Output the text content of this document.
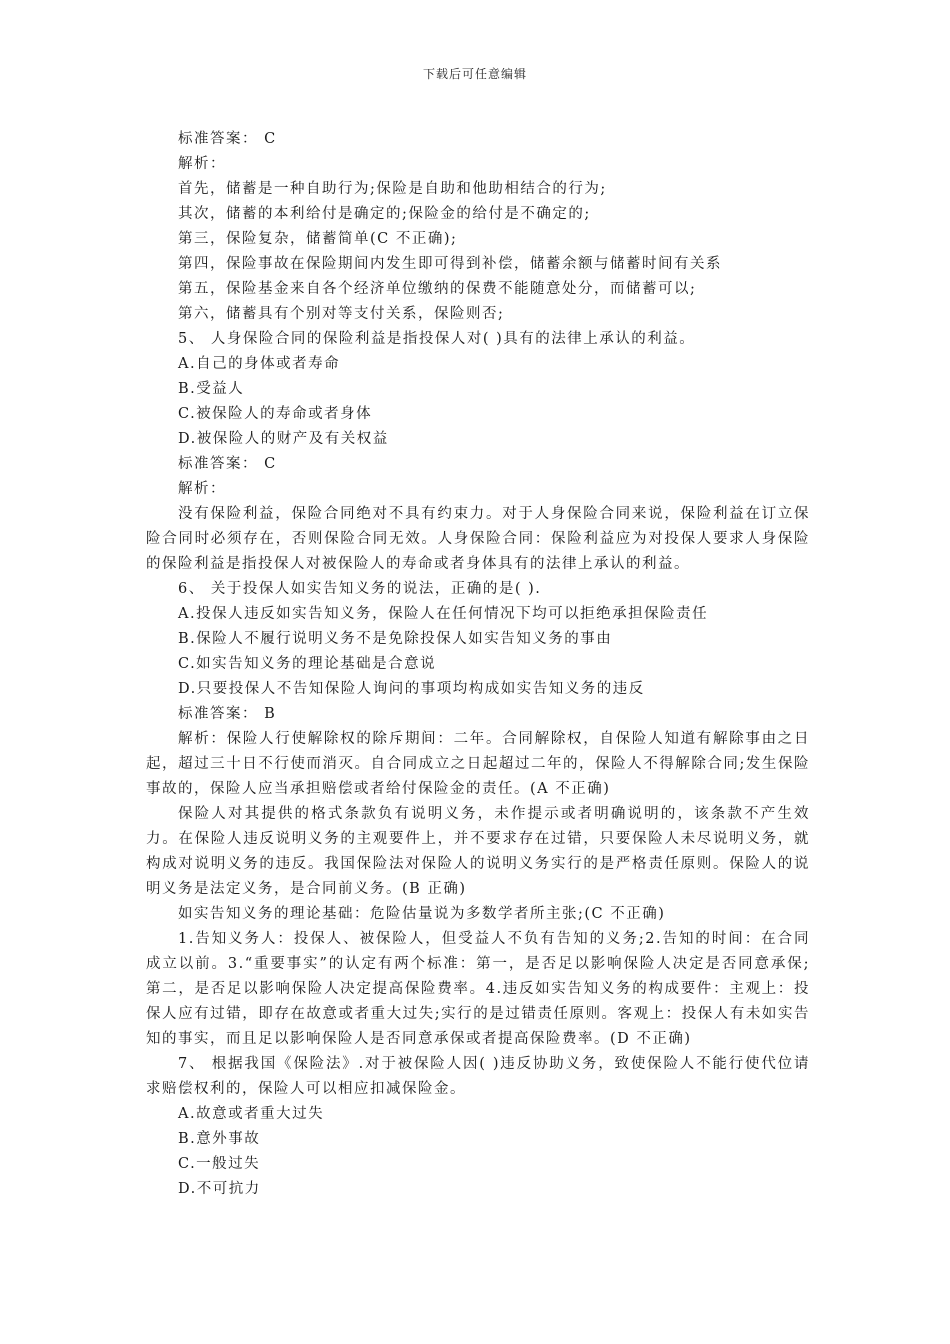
下载后可任意编辑
标准答案： C
解析：
首先，储蓄是一种自助行为;保险是自助和他助相结合的行为;
其次，储蓄的本利给付是确定的;保险金的给付是不确定的;
第三，保险复杂，储蓄简单(C 不正确);
第四，保险事故在保险期间内发生即可得到补偿，储蓄余额与储蓄时间有关系
第五，保险基金来自各个经济单位缴纳的保费不能随意处分，而储蓄可以;
第六，储蓄具有个别对等支付关系，保险则否;
5、 人身保险合同的保险利益是指投保人对( )具有的法律上承认的利益。
A.自己的身体或者寿命
B.受益人
C.被保险人的寿命或者身体
D.被保险人的财产及有关权益
标准答案： C
解析：
没有保险利益，保险合同绝对不具有约束力。对于人身保险合同来说，保险利益在订立保险合同时必须存在，否则保险合同无效。人身保险合同：保险利益应为对投保人要求人身保险的保险利益是指投保人对被保险人的寿命或者身体具有的法律上承认的利益。
6、 关于投保人如实告知义务的说法，正确的是( ).
A.投保人违反如实告知义务，保险人在任何情况下均可以拒绝承担保险责任
B.保险人不履行说明义务不是免除投保人如实告知义务的事由
C.如实告知义务的理论基础是合意说
D.只要投保人不告知保险人询问的事项均构成如实告知义务的违反
标准答案： B
解析：保险人行使解除权的除斥期间：二年。合同解除权，自保险人知道有解除事由之日起，超过三十日不行使而消灭。自合同成立之日起超过二年的，保险人不得解除合同;发生保险事故的，保险人应当承担赔偿或者给付保险金的责任。(A 不正确)
保险人对其提供的格式条款负有说明义务，未作提示或者明确说明的，该条款不产生效力。在保险人违反说明义务的主观要件上，并不要求存在过错，只要保险人未尽说明义务，就构成对说明义务的违反。我国保险法对保险人的说明义务实行的是严格责任原则。保险人的说明义务是法定义务，是合同前义务。(B 正确)
如实告知义务的理论基础：危险估量说为多数学者所主张;(C 不正确)
1.告知义务人：投保人、被保险人，但受益人不负有告知的义务;2.告知的时间：在合同成立以前。3.“重要事实”的认定有两个标准：第一，是否足以影响保险人决定是否同意承保;第二，是否足以影响保险人决定提高保险费率。4.违反如实告知义务的构成要件：主观上：投保人应有过错，即存在故意或者重大过失;实行的是过错责任原则。客观上：投保人有未如实告知的事实，而且足以影响保险人是否同意承保或者提高保险费率。(D 不正确)
7、 根据我国《保险法》.对于被保险人因( )违反协助义务，致使保险人不能行使代位请求赔偿权利的，保险人可以相应扣减保险金。
A.故意或者重大过失
B.意外事故
C.一般过失
D.不可抗力
